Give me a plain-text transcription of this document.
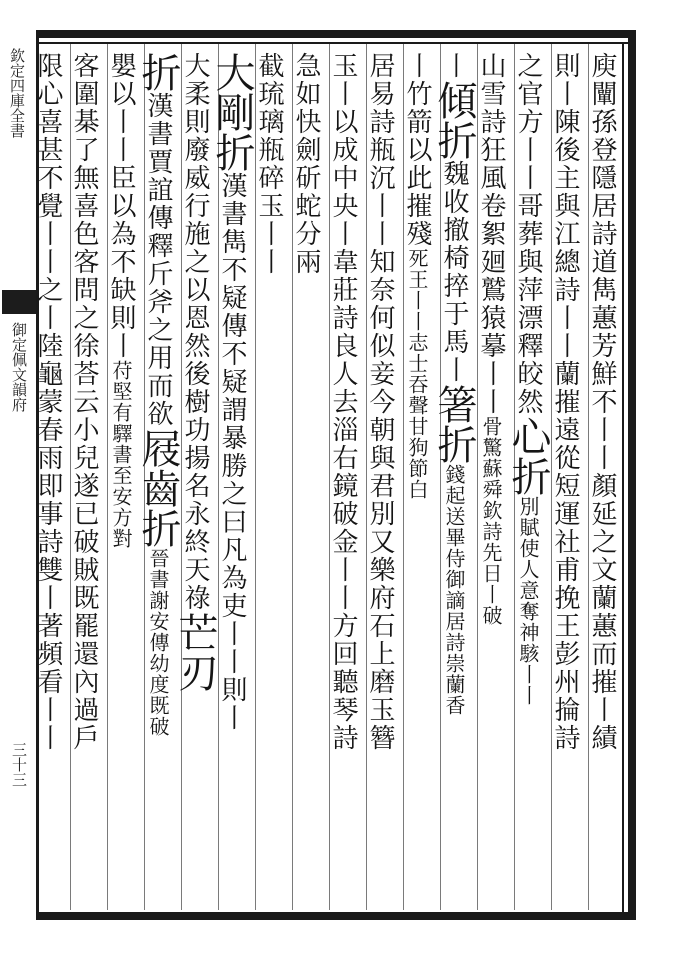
欽定四庫全書
御定佩文韻府
三十三
庾闡孫登隱居詩道雋蕙芳鮮不丨丨顏延之文蘭蕙而摧丨績
則丨陳後主與江總詩丨丨蘭摧遠從短運社甫挽王彭州掄詩
之官方丨丨哥葬與萍漂釋皎然心折別賦使人意奪神駭丨丨
山雪詩狂風卷絮廻鷲猿摹丨丨骨驚蘇舜欽詩先日丨破
丨傾折魏收撤椅捽于馬丨箸折錢起送畢侍御謫居詩崇蘭香
丨竹箭以此摧殘死王丨丨志士吞聲甘狗節白
居易詩瓶沉丨丨知奈何似妾今朝與君別又樂府石上磨玉簪
玉丨以成中央丨韋莊詩良人去淄右鏡破金丨丨方回聽琴詩
急如快劍斫蛇分兩
截琉璃瓶碎玉丨丨
大剛折漢書雋不疑傳不疑謂暴勝之曰凡為吏丨丨則丨
大柔則廢威行施之以恩然後樹功揚名永終天祿芒刃
折漢書賈誼傳釋斤斧之用而欲屐齒折晉書謝安傳幼度既破
嬰以丨丨臣以為不缺則丨苻堅有驛書至安方對
客圍棊了無喜色客問之徐荅云小兒遂已破賊既罷還內過戶
限心喜甚不覺丨丨之丨陸龜蒙春雨即事詩雙丨著頻看丨丨
